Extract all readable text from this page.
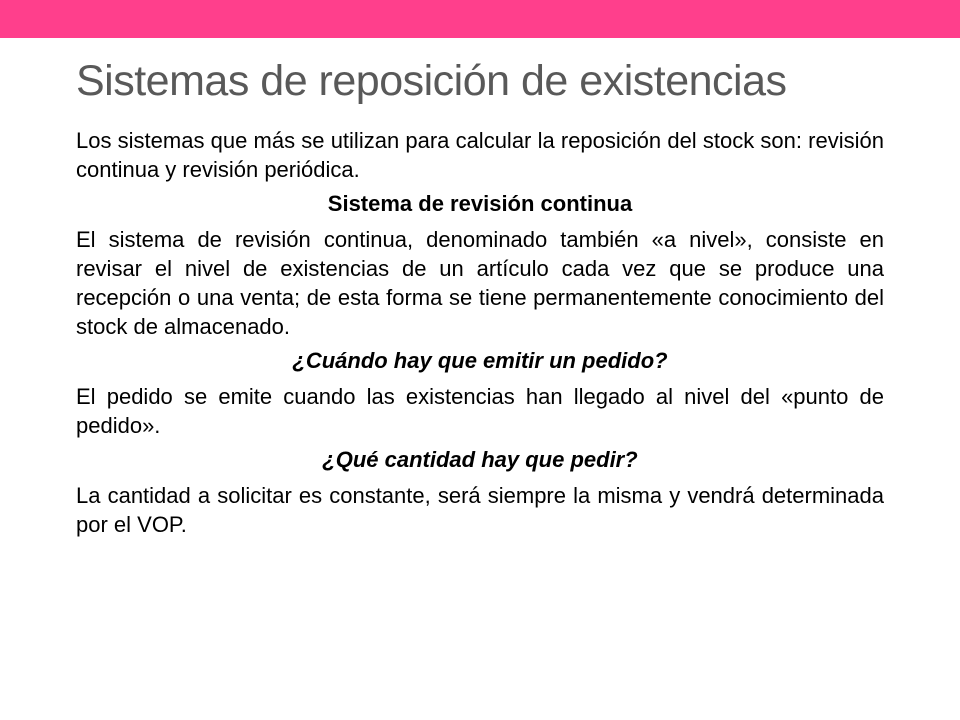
Sistemas de reposición de existencias

Los sistemas que más se utilizan para calcular la reposición del stock son: revisión continua y revisión periódica.

Sistema de revisión continua

El sistema de revisión continua, denominado también «a nivel», consiste en revisar el nivel de existencias de un artículo cada vez que se produce una recepción o una venta; de esta forma se tiene permanentemente conocimiento del stock de almacenado.

¿Cuándo hay que emitir un pedido?

El pedido se emite cuando las existencias han llegado al nivel del «punto de pedido».

¿Qué cantidad hay que pedir?

La cantidad a solicitar es constante, será siempre la misma y vendrá determinada por el VOP.
